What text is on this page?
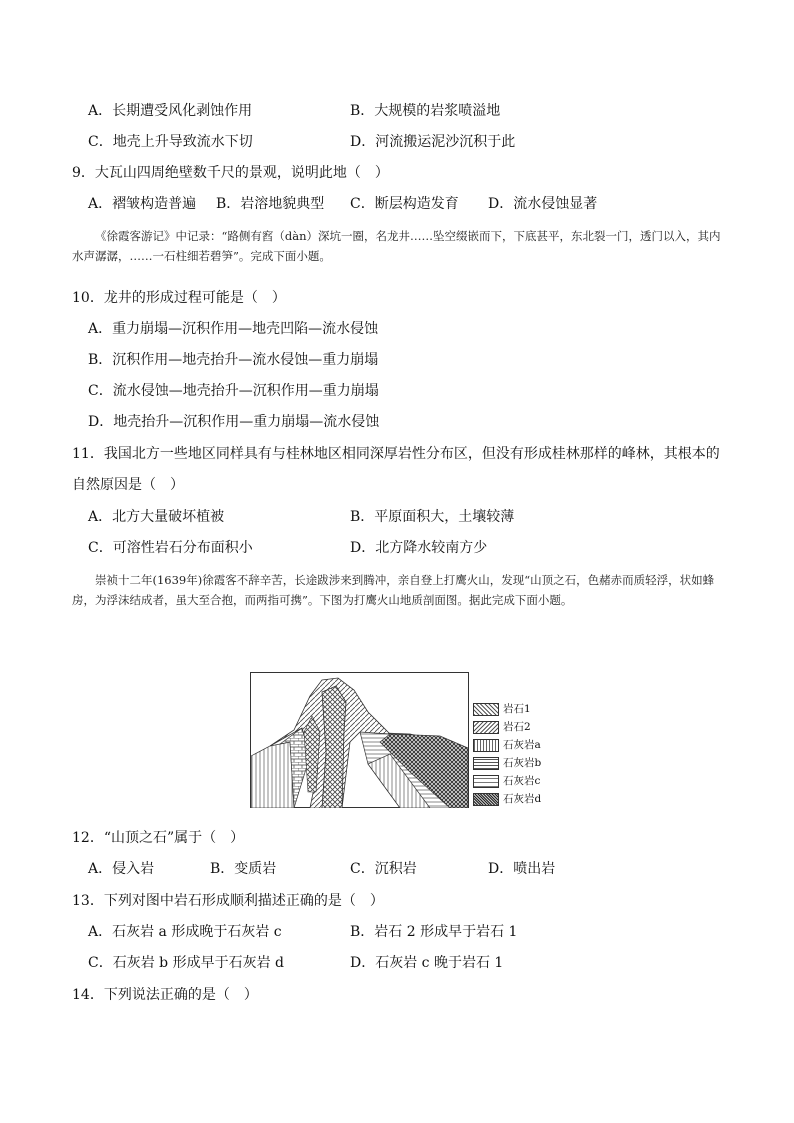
A．长期遭受风化剥蚀作用	B．大规模的岩浆喷溢地
C．地壳上升导致流水下切	D．河流搬运泥沙沉积于此
9．大瓦山四周绝壁数千尺的景观，说明此地（　）
A．褶皱构造普遍 B．岩溶地貌典型 C．断层构造发育 D．流水侵蚀显著
《徐霞客游记》中记录：“路侧有窞（dàn）深坑一圈，名龙井……坠空缀嵌而下，下底甚平，东北裂一门，透门以入，其内水声潺潺，……一石柱细若碧笋”。完成下面小题。
10．龙井的形成过程可能是（　）
A．重力崩塌—沉积作用—地壳凹陷—流水侵蚀
B．沉积作用—地壳抬升—流水侵蚀—重力崩塌
C．流水侵蚀—地壳抬升—沉积作用—重力崩塌
D．地壳抬升—沉积作用—重力崩塌—流水侵蚀
11．我国北方一些地区同样具有与桂林地区相同深厚岩性分布区，但没有形成桂林那样的峰林，其根本的
自然原因是（　）
A．北方大量破坏植被	B．平原面积大，土壤较薄
C．可溶性岩石分布面积小	D．北方降水较南方少
崇祯十二年(1639年)徐霞客不辞辛苦，长途跋涉来到腾冲，亲自登上打鹰火山，发现“山顶之石，色赭赤而质轻浮，状如蜂房，为浮沫结成者，虽大至合抱，而两指可携”。下图为打鹰火山地质剖面图。据此完成下面小题。
岩石1
岩石2
石灰岩a
石灰岩b
石灰岩c
石灰岩d
12．“山顶之石”属于（　）
A．侵入岩	B．变质岩	C．沉积岩	D．喷出岩
13．下列对图中岩石形成顺利描述正确的是（　）
A．石灰岩 a 形成晚于石灰岩 c	B．岩石 2 形成早于岩石 1
C．石灰岩 b 形成早于石灰岩 d	D．石灰岩 c 晚于岩石 1
14．下列说法正确的是（　）
